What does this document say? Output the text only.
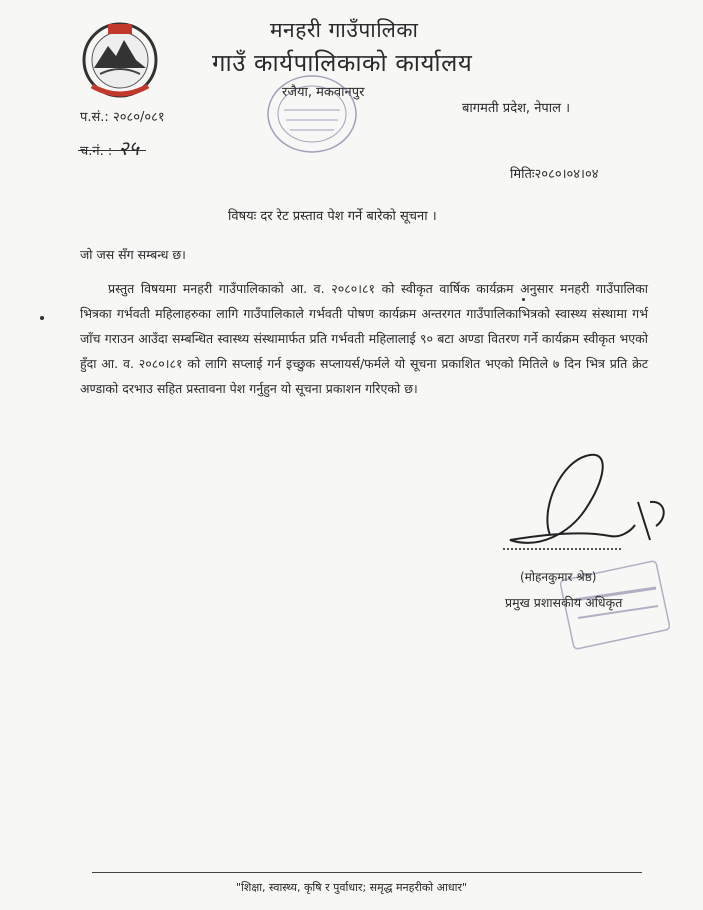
मनहरी गाउँपालिका
गाउँ कार्यपालिकाको कार्यालय
रजैया, मकवानपुर
प.सं.: २०८०/०८१
बागमती प्रदेश, नेपाल ।
च.नं. : २५
मितिः२०८०।०४।०४
विषयः दर रेट प्रस्ताव पेश गर्ने बारेको सूचना ।
जो जस सँग सम्बन्ध छ।
प्रस्तुत विषयमा मनहरी गाउँपालिकाको आ. व. २०८०।८१ को स्वीकृत वार्षिक कार्यक्रम अनुसार मनहरी गाउँपालिका भित्रका गर्भवती महिलाहरुका लागि गाउँपालिकाले गर्भवती पोषण कार्यक्रम अन्तरगत गाउँपालिकाभित्रको स्वास्थ्य संस्थामा गर्भ जाँच गराउन आउँदा सम्बन्धित स्वास्थ्य संस्थामार्फत प्रति गर्भवती महिलालाई ९० बटा अण्डा वितरण गर्ने कार्यक्रम स्वीकृत भएको हुँदा आ. व. २०८०।८१ को लागि सप्लाई गर्न इच्छुक सप्लायर्स/फर्मले यो सूचना प्रकाशित भएको मितिले ७ दिन भित्र प्रति क्रेट अण्डाको दरभाउ सहित प्रस्तावना पेश गर्नुहुन यो सूचना प्रकाशन गरिएको छ।
(मोहनकुमार श्रेष्ठ)
प्रमुख प्रशासकीय अधिकृत
"शिक्षा, स्वास्थ्य, कृषि र पुर्वाधार; समृद्ध मनहरीको आधार"
